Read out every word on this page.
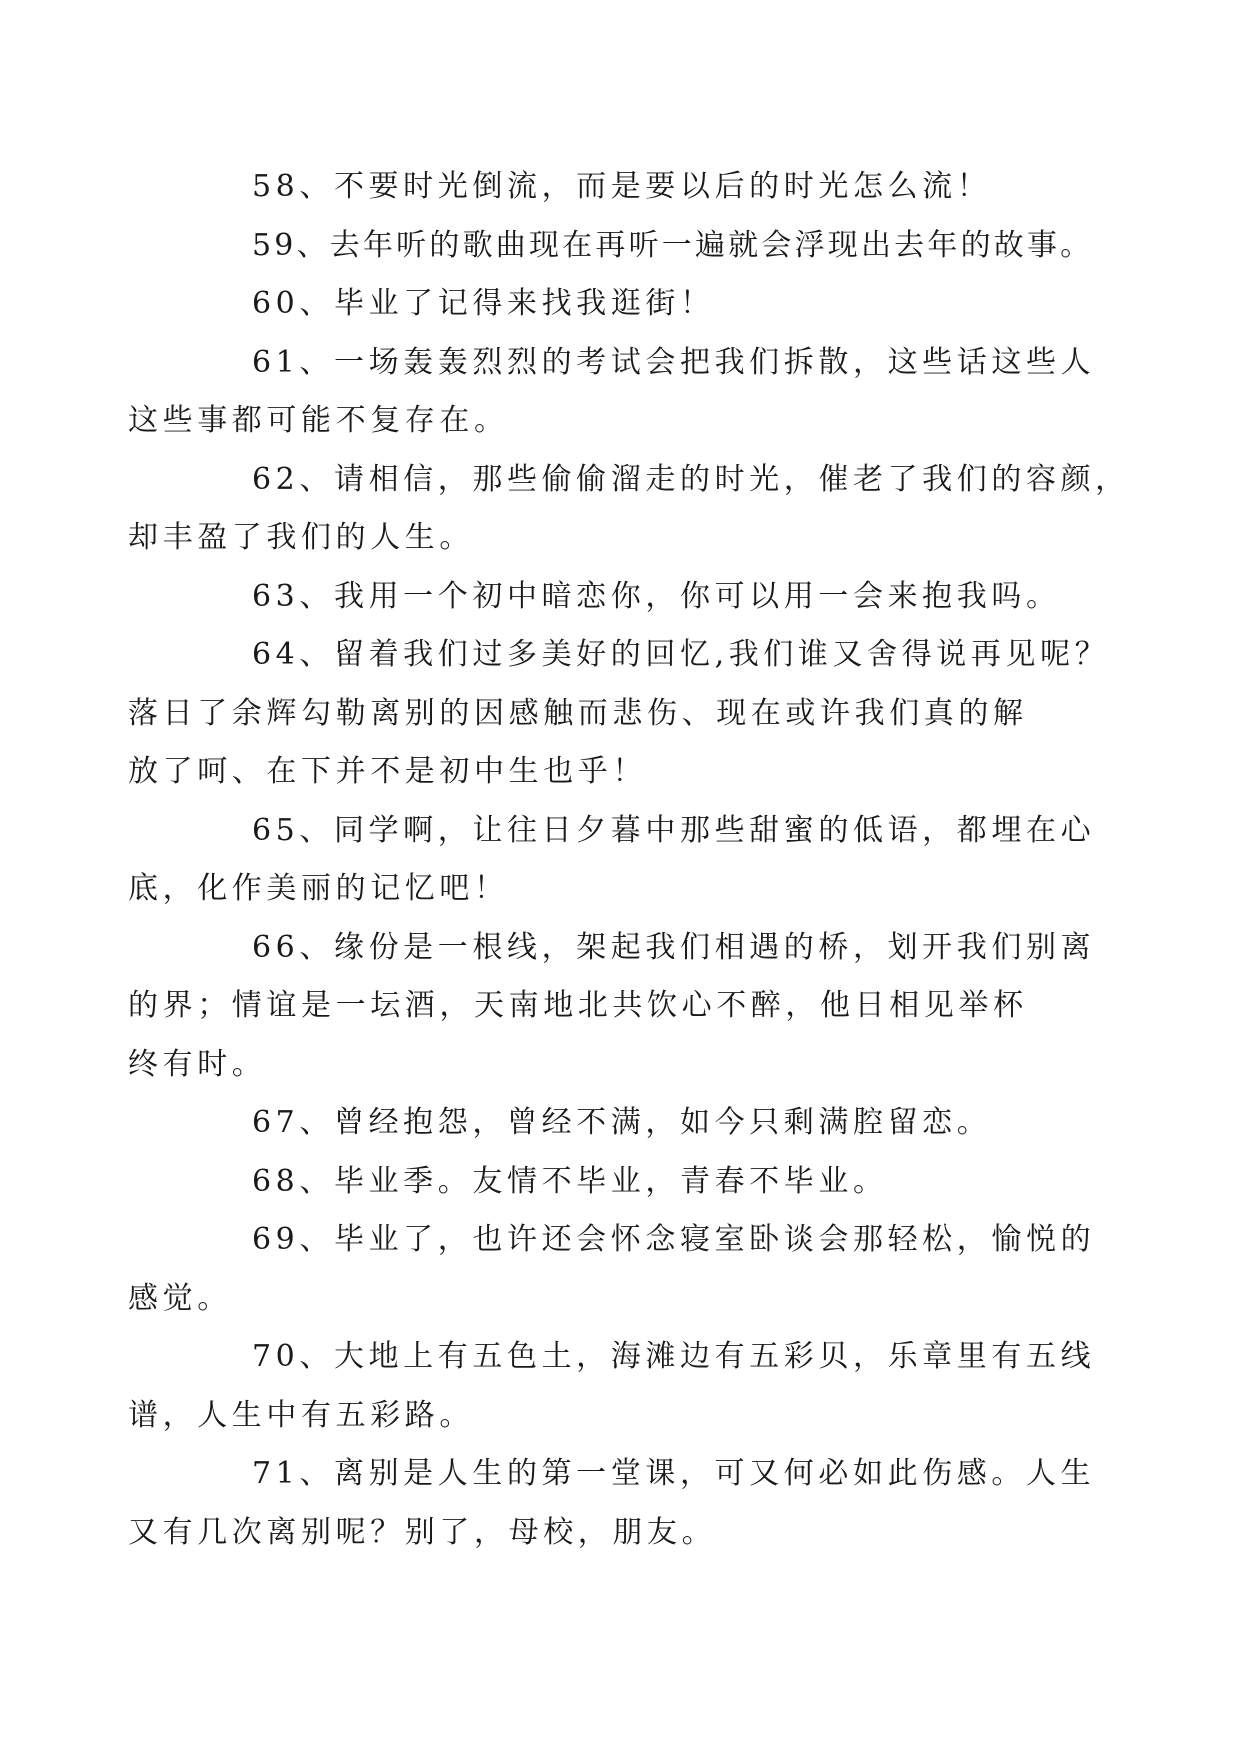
58、不要时光倒流，而是要以后的时光怎么流！

59、去年听的歌曲现在再听一遍就会浮现出去年的故事。

60、毕业了记得来找我逛街！

61、一场轰轰烈烈的考试会把我们拆散，这些话这些人
这些事都可能不复存在。

62、请相信，那些偷偷溜走的时光，催老了我们的容颜，
却丰盈了我们的人生。

63、我用一个初中暗恋你，你可以用一会来抱我吗。

64、留着我们过多美好的回忆,我们谁又舍得说再见呢？
落日了余辉勾勒离别的因感触而悲伤、现在或许我们真的解
放了呵、在下并不是初中生也乎！

65、同学啊，让往日夕暮中那些甜蜜的低语，都埋在心
底，化作美丽的记忆吧！

66、缘份是一根线，架起我们相遇的桥，划开我们别离
的界；情谊是一坛酒，天南地北共饮心不醉，他日相见举杯
终有时。

67、曾经抱怨，曾经不满，如今只剩满腔留恋。

68、毕业季。友情不毕业，青春不毕业。

69、毕业了，也许还会怀念寝室卧谈会那轻松，愉悦的
感觉。

70、大地上有五色土，海滩边有五彩贝，乐章里有五线
谱，人生中有五彩路。

71、离别是人生的第一堂课，可又何必如此伤感。人生
又有几次离别呢？别了，母校，朋友。
